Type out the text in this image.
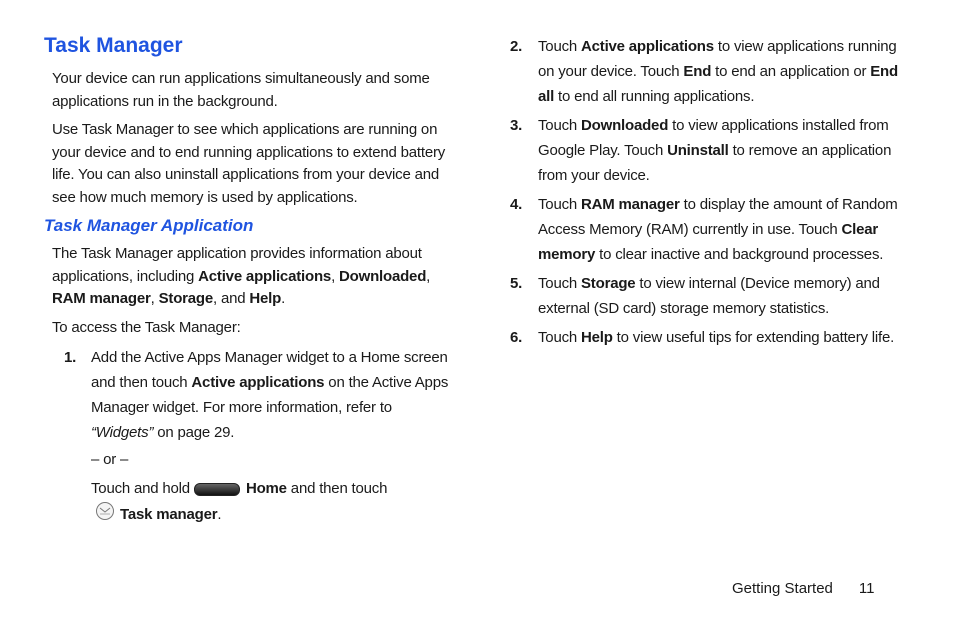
Task Manager

Your device can run applications simultaneously and some applications run in the background.

Use Task Manager to see which applications are running on your device and to end running applications to extend battery life. You can also uninstall applications from your device and see how much memory is used by applications.

Task Manager Application

The Task Manager application provides information about applications, including Active applications, Downloaded, RAM manager, Storage, and Help.

To access the Task Manager:

1. Add the Active Apps Manager widget to a Home screen and then touch Active applications on the Active Apps Manager widget. For more information, refer to
“Widgets” on page 29.
– or –
Touch and hold	Home and then touch
Task manager.
2. Touch Active applications to view applications running on your device. Touch End to end an application or End all to end all running applications.
3. Touch Downloaded to view applications installed from Google Play. Touch Uninstall to remove an application from your device.
4. Touch RAM manager to display the amount of Random Access Memory (RAM) currently in use. Touch Clear memory to clear inactive and background processes.
5. Touch Storage to view internal (Device memory) and external (SD card) storage memory statistics.
6. Touch Help to view useful tips for extending battery life.
Getting Started 11
